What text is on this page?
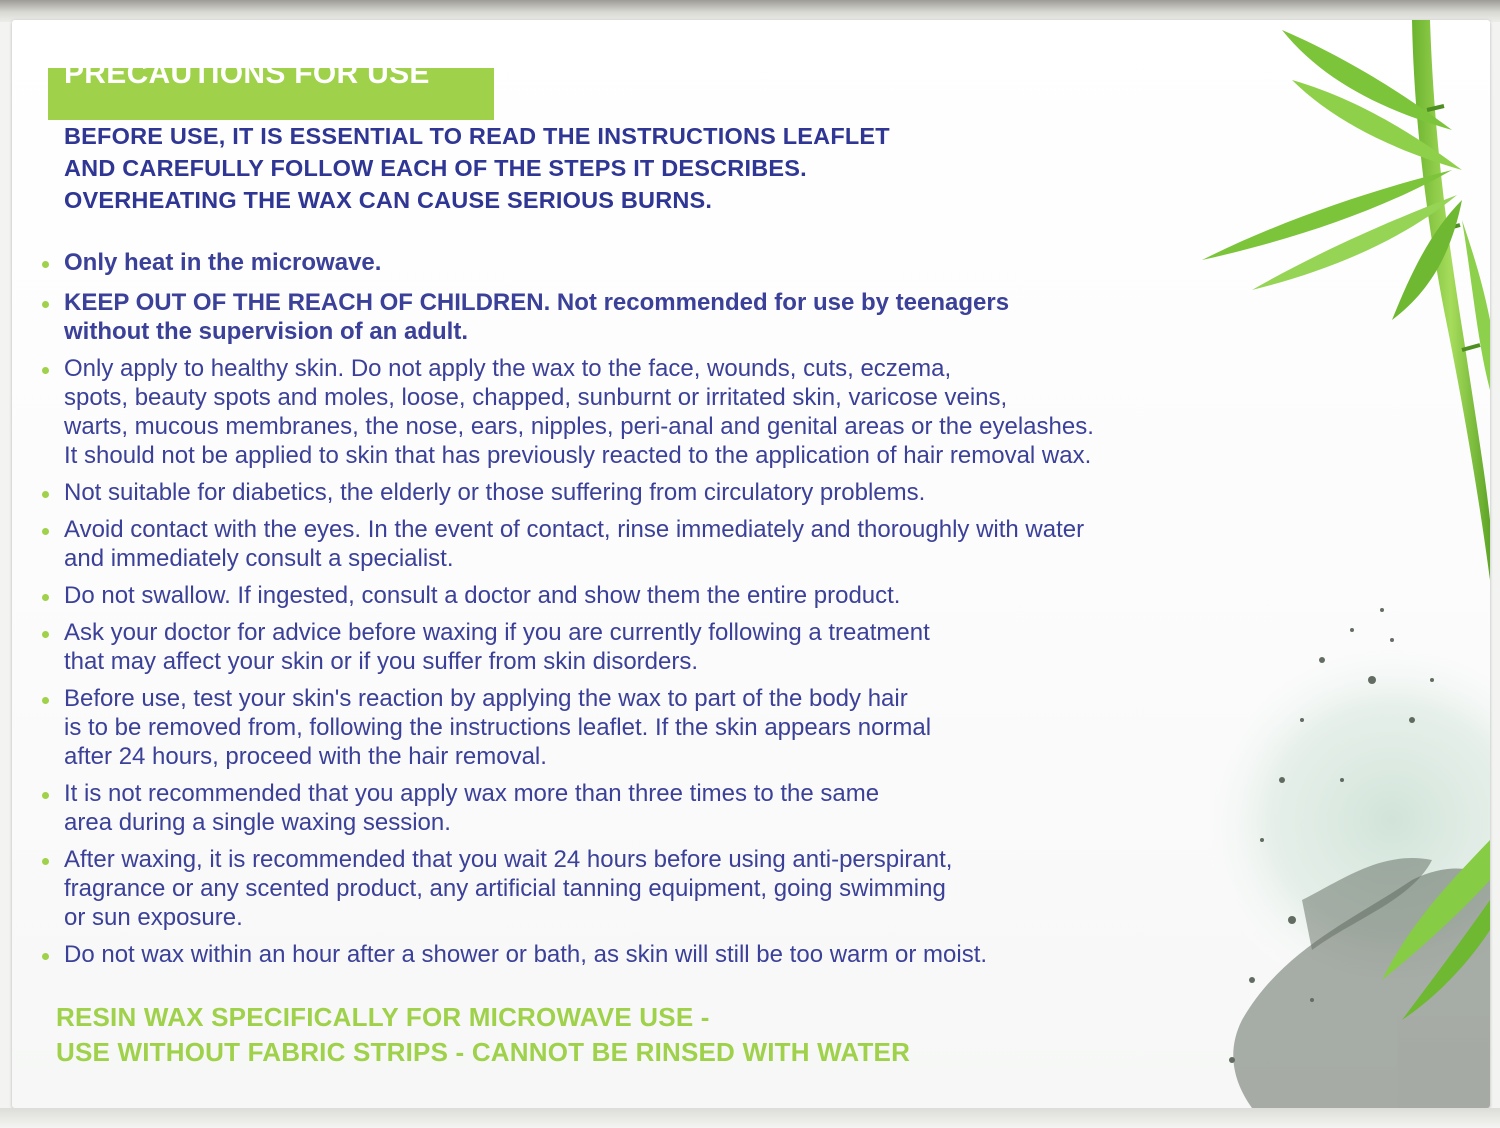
PRECAUTIONS FOR USE
BEFORE USE, IT IS ESSENTIAL TO READ THE INSTRUCTIONS LEAFLET
AND CAREFULLY FOLLOW EACH OF THE STEPS IT DESCRIBES.
OVERHEATING THE WAX CAN CAUSE SERIOUS BURNS.
Only heat in the microwave.
KEEP OUT OF THE REACH OF CHILDREN. Not recommended for use by teenagers
without the supervision of an adult.
Only apply to healthy skin. Do not apply the wax to the face, wounds, cuts, eczema,
spots, beauty spots and moles, loose, chapped, sunburnt or irritated skin, varicose veins,
warts, mucous membranes, the nose, ears, nipples, peri-anal and genital areas or the eyelashes.
It should not be applied to skin that has previously reacted to the application of hair removal wax.
Not suitable for diabetics, the elderly or those suffering from circulatory problems.
Avoid contact with the eyes. In the event of contact, rinse immediately and thoroughly with water
and immediately consult a specialist.
Do not swallow. If ingested, consult a doctor and show them the entire product.
Ask your doctor for advice before waxing if you are currently following a treatment
that may affect your skin or if you suffer from skin disorders.
Before use, test your skin's reaction by applying the wax to part of the body hair
is to be removed from, following the instructions leaflet. If the skin appears normal
after 24 hours, proceed with the hair removal.
It is not recommended that you apply wax more than three times to the same
area during a single waxing session.
After waxing, it is recommended that you wait 24 hours before using anti-perspirant,
fragrance or any scented product, any artificial tanning equipment, going swimming
or sun exposure.
Do not wax within an hour after a shower or bath, as skin will still be too warm or moist.
RESIN WAX SPECIFICALLY FOR MICROWAVE USE -
USE WITHOUT FABRIC STRIPS - CANNOT BE RINSED WITH WATER
